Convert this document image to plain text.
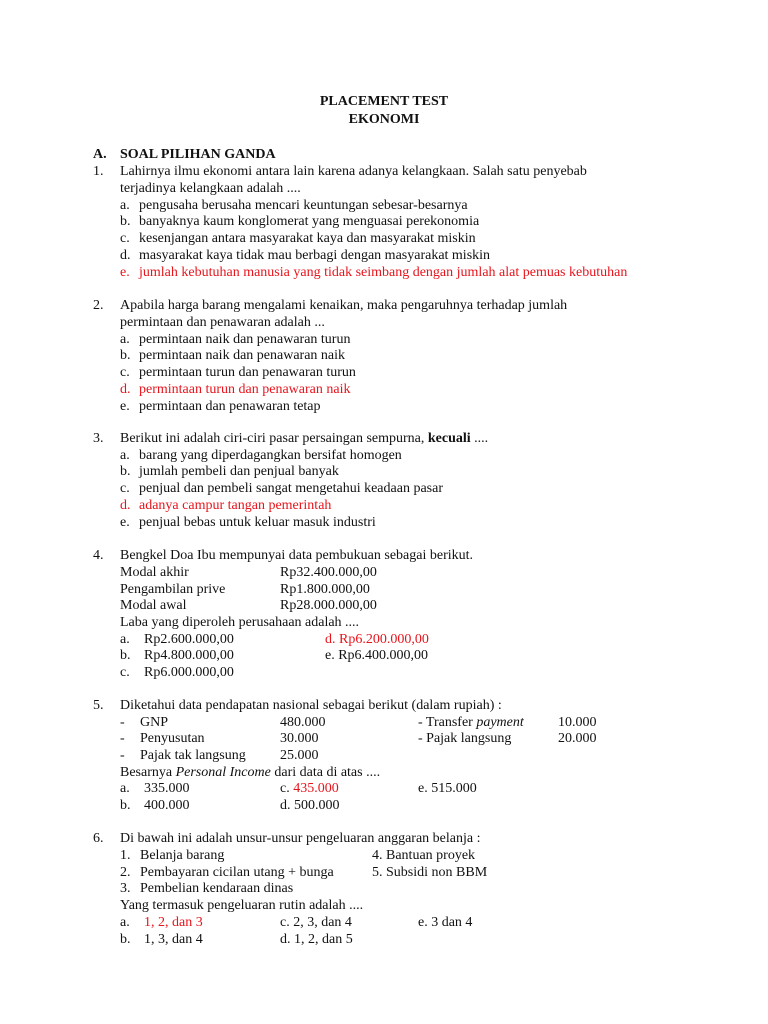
PLACEMENT TEST
EKONOMI
A. SOAL PILIHAN GANDA
1. Lahirnya ilmu ekonomi antara lain karena adanya kelangkaan. Salah satu penyebab
terjadinya kelangkaan adalah ....
a. pengusaha berusaha mencari keuntungan sebesar-besarnya
b. banyaknya kaum konglomerat yang menguasai perekonomia
c. kesenjangan antara masyarakat kaya dan masyarakat miskin
d. masyarakat kaya tidak mau berbagi dengan masyarakat miskin
e. jumlah kebutuhan manusia yang tidak seimbang dengan jumlah alat pemuas kebutuhan
2. Apabila harga barang mengalami kenaikan, maka pengaruhnya terhadap jumlah
permintaan dan penawaran adalah ...
a. permintaan naik dan penawaran turun
b. permintaan naik dan penawaran naik
c. permintaan turun dan penawaran turun
d. permintaan turun dan penawaran naik
e. permintaan dan penawaran tetap
3. Berikut ini adalah ciri-ciri pasar persaingan sempurna, kecuali ....
a. barang yang diperdagangkan bersifat homogen
b. jumlah pembeli dan penjual banyak
c. penjual dan pembeli sangat mengetahui keadaan pasar
d. adanya campur tangan pemerintah
e. penjual bebas untuk keluar masuk industri
4. Bengkel Doa Ibu mempunyai data pembukuan sebagai berikut.
Modal akhir	Rp32.400.000,00
Pengambilan prive	Rp1.800.000,00
Modal awal	Rp28.000.000,00
Laba yang diperoleh perusahaan adalah ....
a. Rp2.600.000,00	d. Rp6.200.000,00
b. Rp4.800.000,00	e. Rp6.400.000,00
c. Rp6.000.000,00
5. Diketahui data pendapatan nasional sebagai berikut (dalam rupiah) :
- GNP	480.000	- Transfer payment 10.000
- Penyusutan	30.000	- Pajak langsung	20.000
- Pajak tak langsung 25.000
Besarnya Personal Income dari data di atas ....
a. 335.000	c. 435.000	e. 515.000
b. 400.000	d. 500.000
6. Di bawah ini adalah unsur-unsur pengeluaran anggaran belanja :
1. Belanja barang	4. Bantuan proyek
2. Pembayaran cicilan utang + bunga	5. Subsidi non BBM
3. Pembelian kendaraan dinas
Yang termasuk pengeluaran rutin adalah ....
a. 1, 2, dan 3	c. 2, 3, dan 4	e. 3 dan 4
b. 1, 3, dan 4	d. 1, 2, dan 5
